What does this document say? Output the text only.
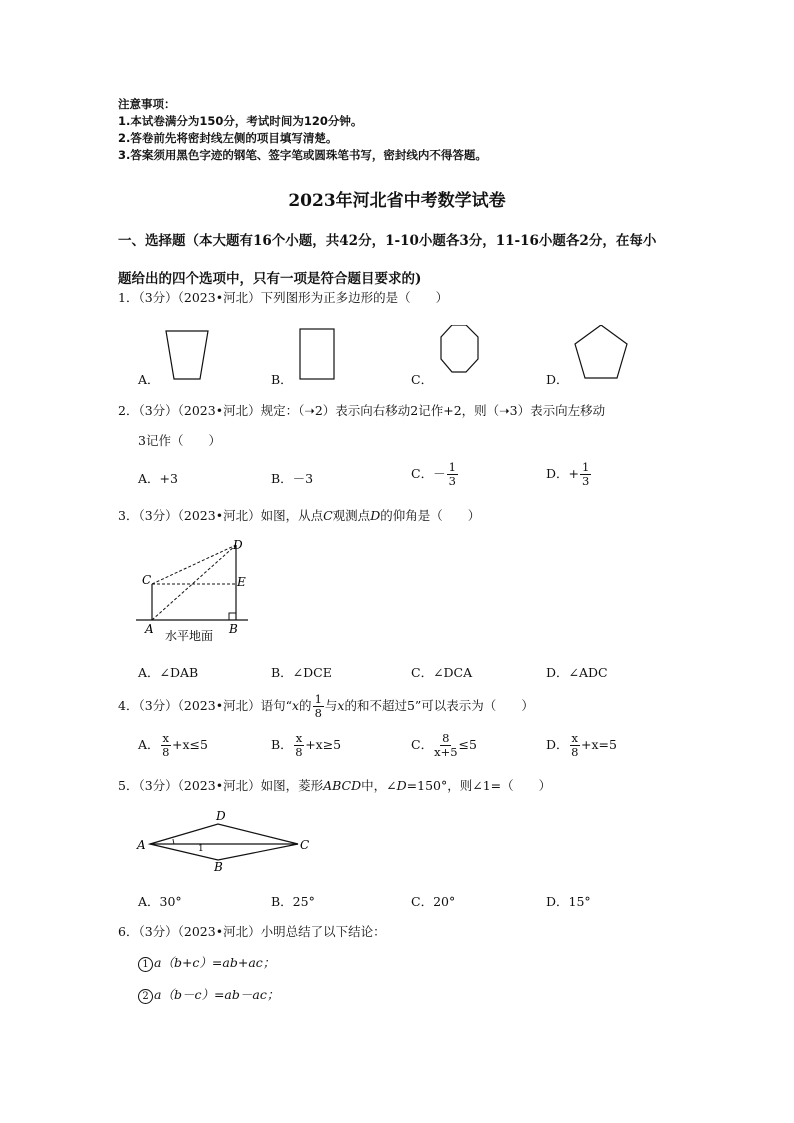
注意事项：
1.本试卷满分为150分，考试时间为120分钟。
2.答卷前先将密封线左侧的项目填写清楚。
3.答案须用黑色字迹的钢笔、签字笔或圆珠笔书写，密封线内不得答题。
2023年河北省中考数学试卷
一、选择题（本大题有16个小题，共42分，1-10小题各3分，11-16小题各2分，在每小
题给出的四个选项中，只有一项是符合题目要求的)
1．（3分）（2023•河北）下列图形为正多边形的是（　　）
A．	B．	C．	D．
2．（3分）（2023•河北）规定：（➝2）表示向右移动2记作+2，则（➝3）表示向左移动
3记作（　　）
A．+3	B．－3	C．－ $\frac{1}{3}$	D．+ $\frac{1}{3}$
3．（3分）（2023•河北）如图，从点C观测点D的仰角是（　　）
D
C	E
A	B
水平地面
A．∠DAB	B．∠DCE	C．∠DCA	D．∠ADC
4．（3分）（2023•河北）语句“x的 $\frac{1}{8}$ 与x的和不超过5”可以表示为（　　）
A． $\frac{x}{8} +x\le 5$	B． $\frac{x}{8} +x\ge 5$	C． $\frac{8}{x+5} \le 5$	D． $\frac{x}{8} +x=5$
5．（3分）（2023•河北）如图，菱形ABCD中，∠D=150°，则∠1=（　　）
D
A	C
B
1
A．30°	B．25°	C．20°	D．15°
6．（3分）（2023•河北）小明总结了以下结论：
1 a（b+c）=ab+ac；
2 a（b－c）=ab－ac；
